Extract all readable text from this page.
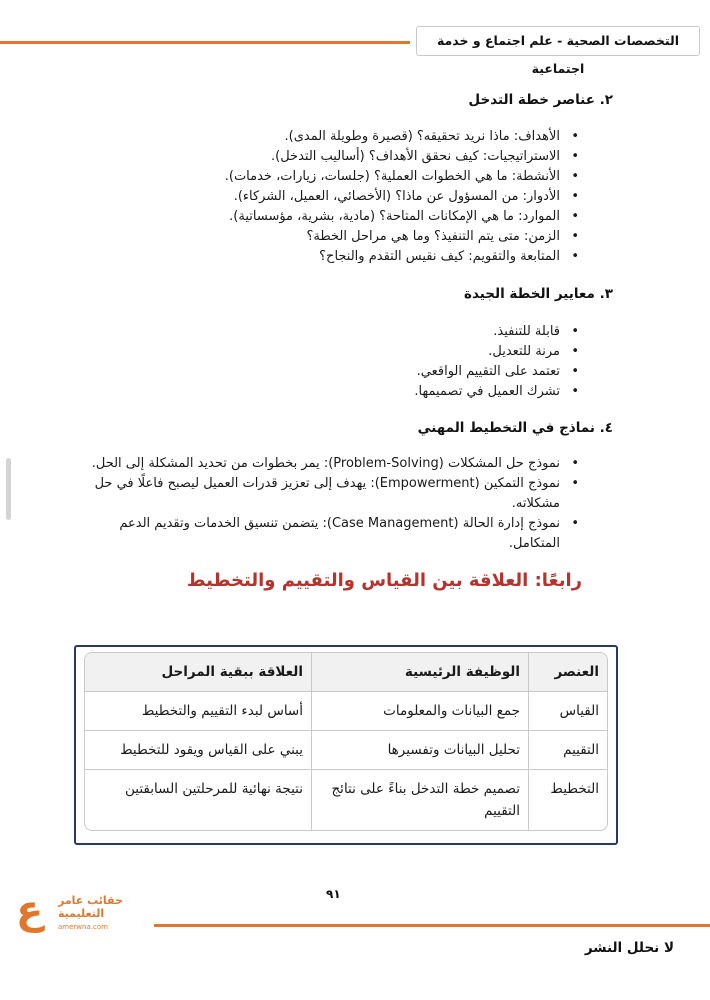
التخصصات الصحية - علم اجتماع و خدمة اجتماعية
٢. عناصر خطة التدخل
• الأهداف: ماذا نريد تحقيقه؟ (قصيرة وطويلة المدى).
• الاستراتيجيات: كيف نحقق الأهداف؟ (أساليب التدخل).
• الأنشطة: ما هي الخطوات العملية؟ (جلسات، زيارات، خدمات).
• الأدوار: من المسؤول عن ماذا؟ (الأخصائي، العميل، الشركاء).
• الموارد: ما هي الإمكانات المتاحة؟ (مادية، بشرية، مؤسساتية).
• الزمن: متى يتم التنفيذ؟ وما هي مراحل الخطة؟
• المتابعة والتقويم: كيف نقيس التقدم والنجاح؟
٣. معايير الخطة الجيدة
• قابلة للتنفيذ.
• مرنة للتعديل.
• تعتمد على التقييم الواقعي.
• تشرك العميل في تصميمها.
٤. نماذج في التخطيط المهني
• نموذج حل المشكلات (Problem-Solving): يمر بخطوات من تحديد المشكلة إلى الحل.
• نموذج التمكين (Empowerment): يهدف إلى تعزيز قدرات العميل ليصبح فاعلًا في حل مشكلاته.
• نموذج إدارة الحالة (Case Management): يتضمن تنسيق الخدمات وتقديم الدعم المتكامل.
رابعًا: العلاقة بين القياس والتقييم والتخطيط
العنصر	الوظيفة الرئيسية	العلاقة ببقية المراحل
القياس	جمع البيانات والمعلومات	أساس لبدء التقييم والتخطيط
التقييم	تحليل البيانات وتفسيرها	يبني على القياس ويقود للتخطيط
التخطيط	تصميم خطة التدخل بناءً على نتائج التقييم	نتيجة نهائية للمرحلتين السابقتين
٩١
ع حقائب عامر
التعليمية
amerwna.com
لا نحلل النشر
